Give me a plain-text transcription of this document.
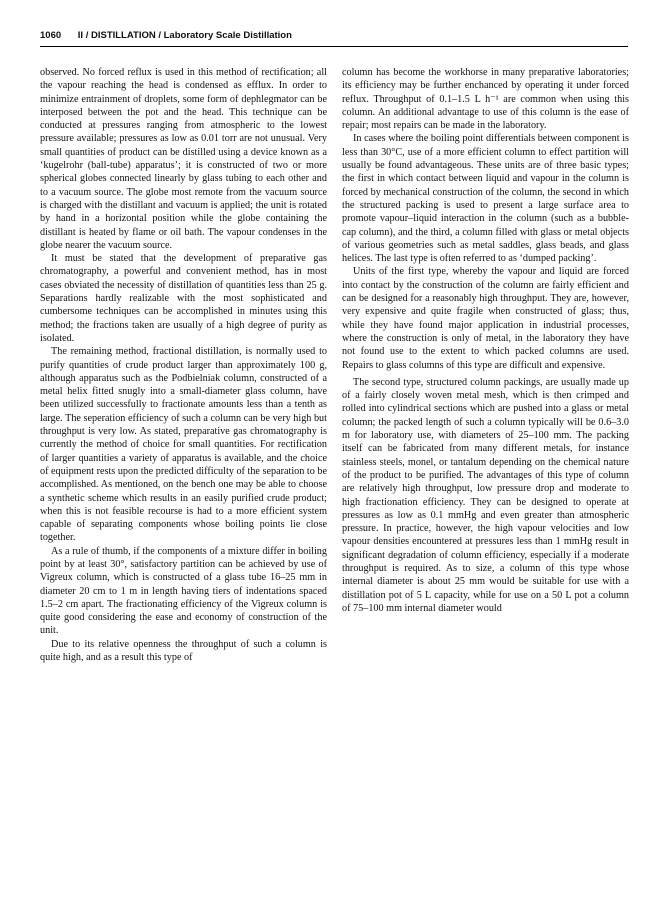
1060 II / DISTILLATION / Laboratory Scale Distillation

observed. No forced reflux is used in this method of rectification; all the vapour reaching the head is condensed as efflux. In order to minimize entrainment of droplets, some form of dephlegmator can be interposed between the pot and the head. This technique can be conducted at pressures ranging from atmospheric to the lowest pressure available; pressures as low as 0.01 torr are not unusual. Very small quantities of product can be distilled using a device known as a ‘kugelrohr (ball-tube) apparatus’; it is constructed of two or more spherical globes connected linearly by glass tubing to each other and to a vacuum source. The globe most remote from the vacuum source is charged with the distillant and vacuum is applied; the unit is rotated by hand in a horizontal position while the globe containing the distillant is heated by flame or oil bath. The vapour condenses in the globe nearer the vacuum source.

It must be stated that the development of preparative gas chromatography, a powerful and convenient method, has in most cases obviated the necessity of distillation of quantities less than 25 g. Separations hardly realizable with the most sophisticated and cumbersome techniques can be accomplished in minutes using this method; the fractions taken are usually of a high degree of purity as isolated.

The remaining method, fractional distillation, is normally used to purify quantities of crude product larger than approximately 100 g, although apparatus such as the Podbielniak column, constructed of a metal helix fitted snugly into a small-diameter glass column, have been utilized successfully to fractionate amounts less than a tenth as large. The seperation efficiency of such a column can be very high but throughput is very low. As stated, preparative gas chromatography is currently the method of choice for small quantities. For rectification of larger quantities a variety of apparatus is available, and the choice of equipment rests upon the predicted difficulty of the separation to be accomplished. As mentioned, on the bench one may be able to choose a synthetic scheme which results in an easily purified crude product; when this is not feasible recourse is had to a more efficient system capable of separating components whose boiling points lie close together.

As a rule of thumb, if the components of a mixture differ in boiling point by at least 30°, satisfactory partition can be achieved by use of Vigreux column, which is constructed of a glass tube 16–25 mm in diameter 20 cm to 1 m in length having tiers of indentations spaced 1.5–2 cm apart. The fractionating efficiency of the Vigreux column is quite good considering the ease and economy of construction of the unit.

Due to its relative openness the throughput of such a column is quite high, and as a result this type of

column has become the workhorse in many preparative laboratories; its efficiency may be further enchanced by operating it under forced reflux. Throughput of 0.1–1.5 L h⁻¹ are common when using this column. An additional advantage to use of this column is the ease of repair; most repairs can be made in the laboratory.

In cases where the boiling point differentials between component is less than 30°C, use of a more efficient column to effect partition will usually be found advantageous. These units are of three basic types; the first in which contact between liquid and vapour in the column is forced by mechanical construction of the column, the second in which the structured packing is used to present a large surface area to promote vapour–liquid interaction in the column (such as a bubble-cap column), and the third, a column filled with glass or metal objects of various geometries such as metal saddles, glass beads, and glass helices. The last type is often referred to as ‘dumped packing’.

Units of the first type, whereby the vapour and liquid are forced into contact by the construction of the column are fairly efficient and can be designed for a reasonably high throughput. They are, however, very expensive and quite fragile when constructed of glass; thus, while they have found major application in industrial processes, where the construction is only of metal, in the laboratory they have not found use to the extent to which packed columns are used. Repairs to glass columns of this type are difficult and expensive.

The second type, structured column packings, are usually made up of a fairly closely woven metal mesh, which is then crimped and rolled into cylindrical sections which are pushed into a glass or metal column; the packed length of such a column typically will be 0.6–3.0 m for laboratory use, with diameters of 25–100 mm. The packing itself can be fabricated from many different metals, for instance stainless steels, monel, or tantalum depending on the chemical nature of the product to be purified. The advantages of this type of column are relatively high throughput, low pressure drop and moderate to high fractionation efficiency. They can be designed to operate at pressures as low as 0.1 mmHg and even greater than atmospheric pressure. In practice, however, the high vapour velocities and low vapour densities encountered at pressures less than 1 mmHg result in significant degradation of column efficiency, especially if a moderate throughput is required. As to size, a column of this type whose internal diameter is about 25 mm would be suitable for use with a distillation pot of 5 L capacity, while for use on a 50 L pot a column of 75–100 mm internal diameter would
